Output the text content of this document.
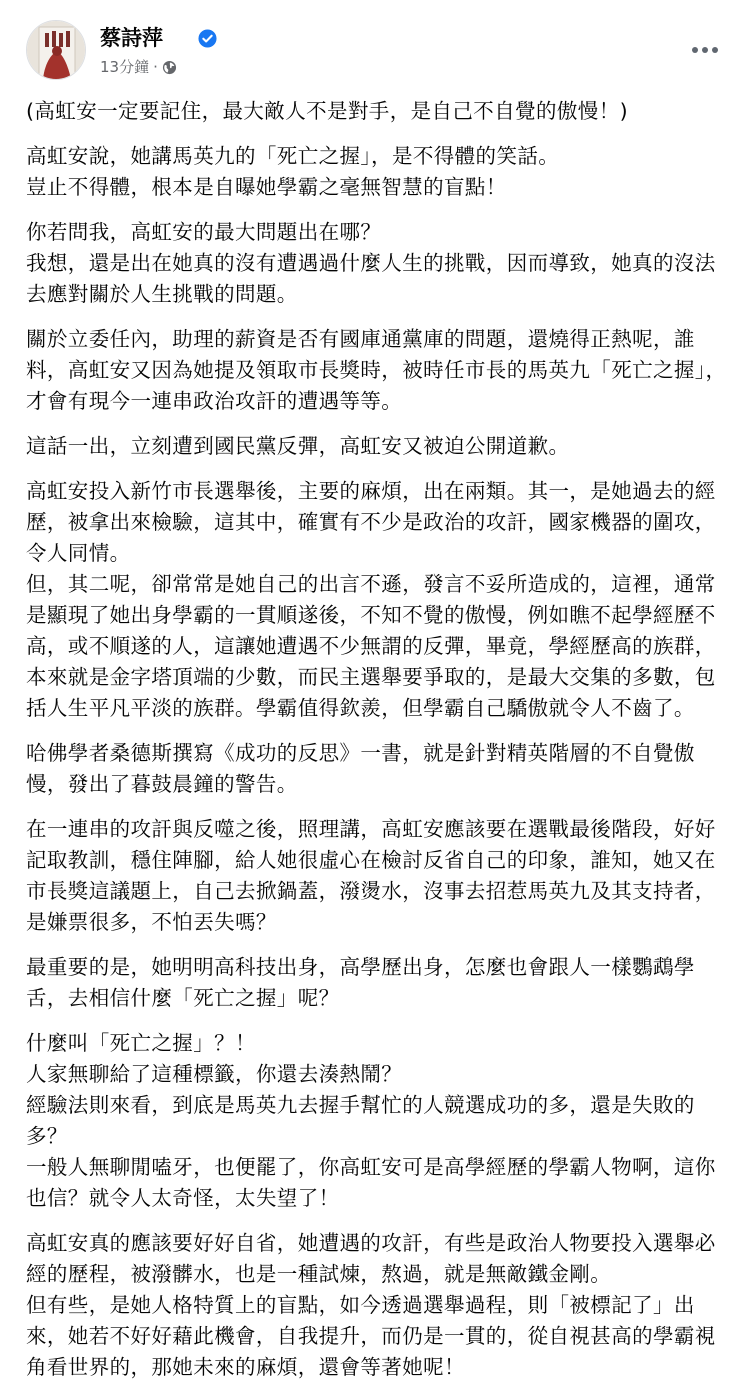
蔡詩萍
13分鐘 ·

(高虹安一定要記住，最大敵人不是對手，是自己不自覺的傲慢！)

高虹安說，她講馬英九的「死亡之握」，是不得體的笑話。
豈止不得體，根本是自曝她學霸之毫無智慧的盲點！

你若問我，高虹安的最大問題出在哪？
我想，還是出在她真的沒有遭遇過什麼人生的挑戰，因而導致，她真的沒法去應對關於人生挑戰的問題。

關於立委任內，助理的薪資是否有國庫通黨庫的問題，還燒得正熱呢，誰料，高虹安又因為她提及領取市長獎時，被時任市長的馬英九「死亡之握」，才會有現今一連串政治攻訐的遭遇等等。

這話一出，立刻遭到國民黨反彈，高虹安又被迫公開道歉。

高虹安投入新竹市長選舉後，主要的麻煩，出在兩類。其一，是她過去的經歷，被拿出來檢驗，這其中，確實有不少是政治的攻訐，國家機器的圍攻，令人同情。
但，其二呢，卻常常是她自己的出言不遜，發言不妥所造成的，這裡，通常是顯現了她出身學霸的一貫順遂後，不知不覺的傲慢，例如瞧不起學經歷不高，或不順遂的人，這讓她遭遇不少無謂的反彈，畢竟，學經歷高的族群，本來就是金字塔頂端的少數，而民主選舉要爭取的，是最大交集的多數，包括人生平凡平淡的族群。學霸值得欽羨，但學霸自己驕傲就令人不齒了。

哈佛學者桑德斯撰寫《成功的反思》一書，就是針對精英階層的不自覺傲慢，發出了暮鼓晨鐘的警告。

在一連串的攻訐與反噬之後，照理講，高虹安應該要在選戰最後階段，好好記取教訓，穩住陣腳，給人她很虛心在檢討反省自己的印象，誰知，她又在市長獎這議題上，自己去掀鍋蓋，潑燙水，沒事去招惹馬英九及其支持者，是嫌票很多，不怕丟失嗎？

最重要的是，她明明高科技出身，高學歷出身，怎麼也會跟人一樣鸚鵡學舌，去相信什麼「死亡之握」呢？

什麼叫「死亡之握」？！
人家無聊給了這種標籤，你還去湊熱鬧？
經驗法則來看，到底是馬英九去握手幫忙的人競選成功的多，還是失敗的多？
一般人無聊閒嗑牙，也便罷了，你高虹安可是高學經歷的學霸人物啊，這你也信？就令人太奇怪，太失望了！

高虹安真的應該要好好自省，她遭遇的攻訐，有些是政治人物要投入選舉必經的歷程，被潑髒水，也是一種試煉，熬過，就是無敵鐵金剛。
但有些，是她人格特質上的盲點，如今透過選舉過程，則「被標記了」出來，她若不好好藉此機會，自我提升，而仍是一貫的，從自視甚高的學霸視角看世界的，那她未來的麻煩，還會等著她呢！
